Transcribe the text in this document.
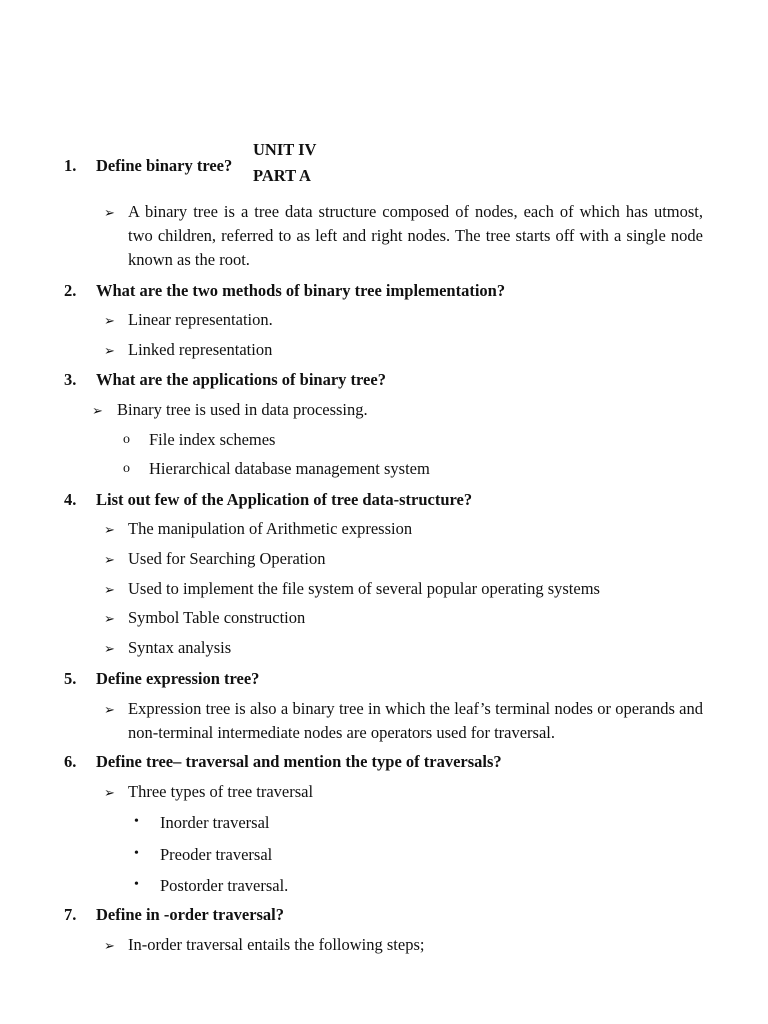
UNIT IV
PART A
1. Define binary tree?
➢ A binary tree is a tree data structure composed of nodes, each of which has utmost, two children, referred to as left and right nodes. The tree starts off with a single node known as the root.
2. What are the two methods of binary tree implementation?
➢ Linear representation.
➢ Linked representation
3. What are the applications of binary tree?
➢ Binary tree is used in data processing.
o File index schemes
o Hierarchical database management system
4. List out few of the Application of tree data-structure?
➢ The manipulation of Arithmetic expression
➢ Used for Searching Operation
➢ Used to implement the file system of several popular operating systems
➢ Symbol Table construction
➢ Syntax analysis
5. Define expression tree?
➢ Expression tree is also a binary tree in which the leaf’s terminal nodes or operands and non-terminal intermediate nodes are operators used for traversal.
6. Define tree– traversal and mention the type of traversals?
➢ Three types of tree traversal
• Inorder traversal
• Preoder traversal
• Postorder traversal.
7. Define in -order traversal?
➢ In-order traversal entails the following steps;
